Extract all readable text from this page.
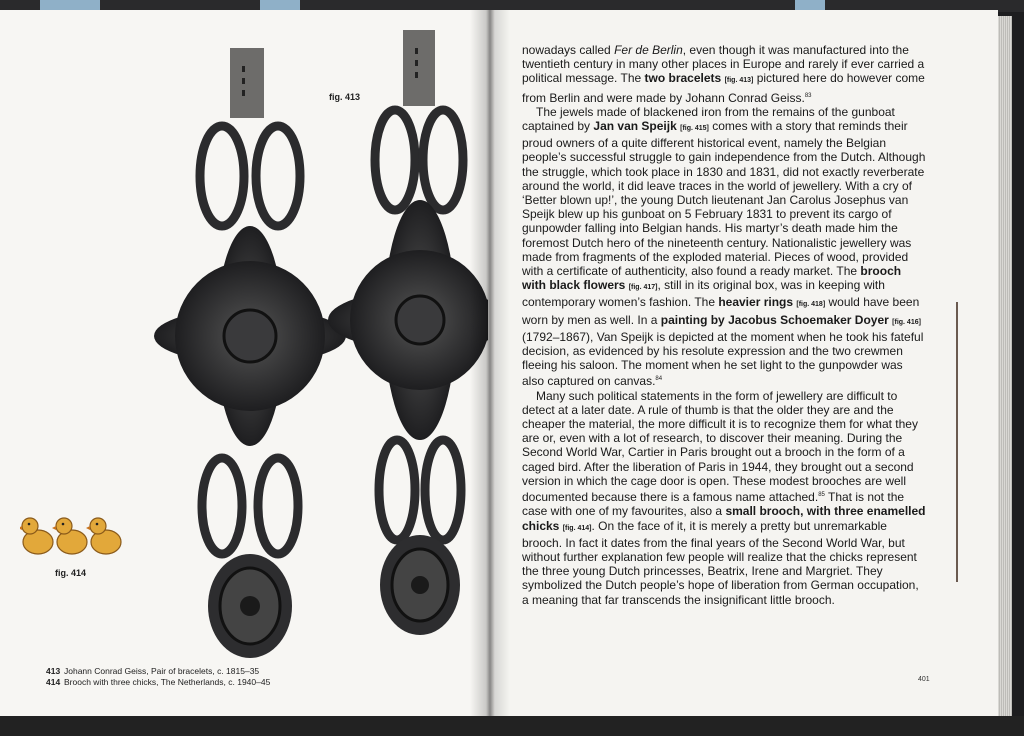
fig. 413
fig. 414
413 Johann Conrad Geiss, Pair of bracelets, c. 1815–35
414 Brooch with three chicks, The Netherlands, c. 1940–45

nowadays called Fer de Berlin, even though it was manufactured into the twentieth century in many other places in Europe and rarely if ever carried a political message. The two bracelets [fig. 413] pictured here do however come from Berlin and were made by Johann Conrad Geiss.$^{83}$

The jewels made of blackened iron from the remains of the gunboat captained by Jan van Speijk [fig. 415] comes with a story that reminds their proud owners of a quite different historical event, namely the Belgian people’s successful struggle to gain independence from the Dutch. Although the struggle, which took place in 1830 and 1831, did not exactly reverberate around the world, it did leave traces in the world of jewellery. With a cry of ‘Better blown up!’, the young Dutch lieutenant Jan Carolus Josephus van Speijk blew up his gunboat on 5 February 1831 to prevent its cargo of gunpowder falling into Belgian hands. His martyr’s death made him the foremost Dutch hero of the nineteenth century. Nationalistic jewellery was made from fragments of the exploded material. Pieces of wood, provided with a certificate of authenticity, also found a ready market. The brooch with black flowers [fig. 417], still in its original box, was in keeping with contemporary women’s fashion. The heavier rings [fig. 418] would have been worn by men as well. In a painting by Jacobus Schoemaker Doyer [fig. 416] (1792–1867), Van Speijk is depicted at the moment when he took his fateful decision, as evidenced by his resolute expression and the two crewmen fleeing his saloon. The moment when he set light to the gunpowder was also captured on canvas.$^{84}$

Many such political statements in the form of jewellery are difficult to detect at a later date. A rule of thumb is that the older they are and the cheaper the material, the more difficult it is to recognize them for what they are or, even with a lot of research, to discover their meaning. During the Second World War, Cartier in Paris brought out a brooch in the form of a caged bird. After the liberation of Paris in 1944, they brought out a second version in which the cage door is open. These modest brooches are well documented because there is a famous name attached.$^{85}$ That is not the case with one of my favourites, also a small brooch, with three enamelled chicks [fig. 414]. On the face of it, it is merely a pretty but unremarkable brooch. In fact it dates from the final years of the Second World War, but without further explanation few people will realize that the chicks represent the three young Dutch princesses, Beatrix, Irene and Margriet. They symbolized the Dutch people’s hope of liberation from German occupation, a meaning that far transcends the insignificant little brooch.

401
